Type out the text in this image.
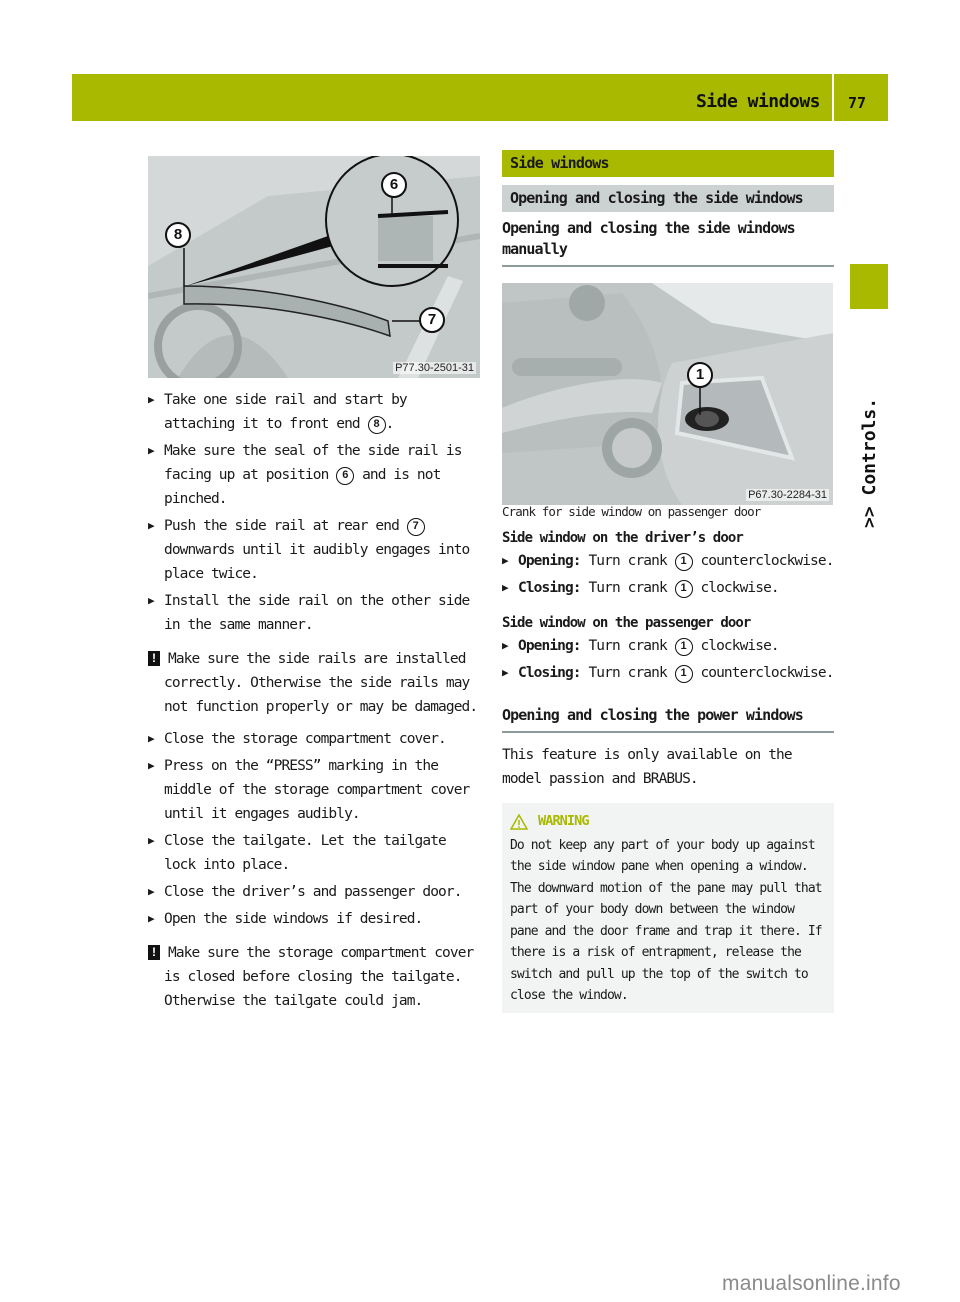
Side windows 77
>> Controls.
6
8
7
P77.30-2501-31
▶ Take one side rail and start by attaching it to front end 8 .
▶ Make sure the seal of the side rail is facing up at position 6 and is not pinched.
▶ Push the side rail at rear end 7 downwards until it audibly engages into place twice.
▶ Install the side rail on the other side in the same manner.
! Make sure the side rails are installed correctly. Otherwise the side rails may not function properly or may be damaged.
▶ Close the storage compartment cover.
▶ Press on the “PRESS” marking in the middle of the storage compartment cover until it engages audibly.
▶ Close the tailgate. Let the tailgate lock into place.
▶ Close the driver’s and passenger door.
▶ Open the side windows if desired.
! Make sure the storage compartment cover is closed before closing the tailgate. Otherwise the tailgate could jam.
1
P67.30-2284-31
Side windows
Opening and closing the side windows
Opening and closing the side windows manually
Crank for side window on passenger door
Side window on the driver’s door
▶ Opening: Turn crank 1 counterclockwise.
▶ Closing: Turn crank 1 clockwise.
Side window on the passenger door
▶ Opening: Turn crank 1 clockwise.
▶ Closing: Turn crank 1 counterclockwise.
Opening and closing the power windows
This feature is only available on the model passion and BRABUS.
WARNING
Do not keep any part of your body up against the side window pane when opening a window. The downward motion of the pane may pull that part of your body down between the window pane and the door frame and trap it there. If there is a risk of entrapment, release the switch and pull up the top of the switch to close the window.
manualsonline.info
